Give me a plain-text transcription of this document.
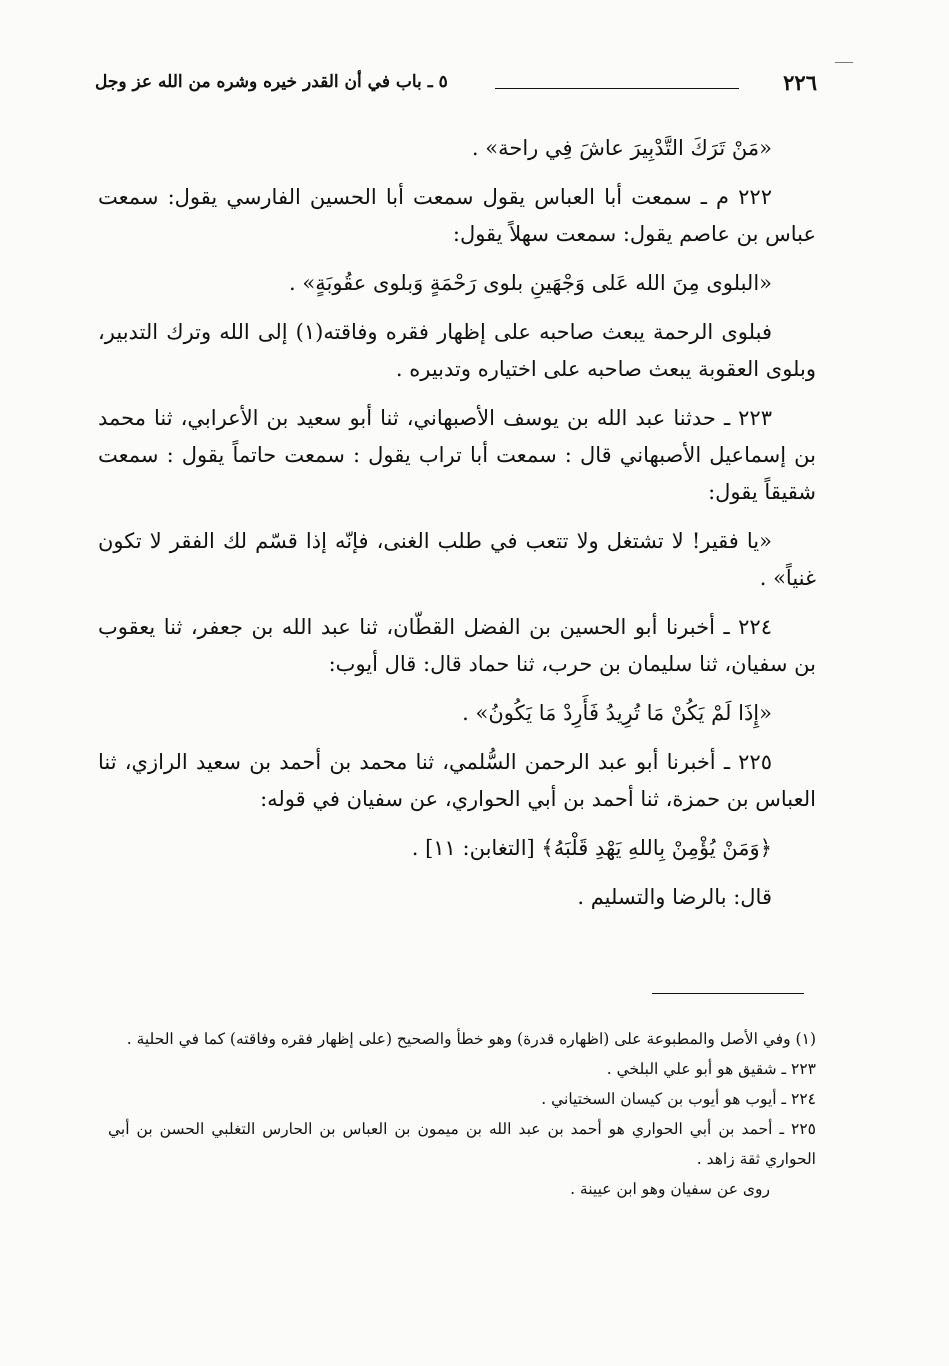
٢٢٦
٥ ـ باب في أن القدر خيره وشره من الله عز وجل

«مَنْ تَرَكَ التَّدْبِيرَ عاشَ فِي راحة» .

٢٢٢ م ـ سمعت أبا العباس يقول سمعت أبا الحسين الفارسي يقول: سمعت عباس بن عاصم يقول: سمعت سهلاً يقول:

«البلوى مِنَ الله عَلى وَجْهَينِ بلوى رَحْمَةٍ وَبلوى عقُوبَةٍ» .

فبلوى الرحمة يبعث صاحبه على إظهار فقره وفاقته(١) إلى الله وترك التدبير، وبلوى العقوبة يبعث صاحبه على اختياره وتدبيره .

٢٢٣ ـ حدثنا عبد الله بن يوسف الأصبهاني، ثنا أبو سعيد بن الأعرابي، ثنا محمد بن إسماعيل الأصبهاني قال : سمعت أبا تراب يقول : سمعت حاتماً يقول : سمعت شقيقاً يقول:

«يا فقير! لا تشتغل ولا تتعب في طلب الغنى، فإنّه إذا قسّم لك الفقر لا تكون غنياً» .

٢٢٤ ـ أخبرنا أبو الحسين بن الفضل القطّان، ثنا عبد الله بن جعفر، ثنا يعقوب بن سفيان، ثنا سليمان بن حرب، ثنا حماد قال: قال أيوب:

«إِذَا لَمْ يَكُنْ مَا تُرِيدُ فَأَرِدْ مَا يَكُونُ» .

٢٢٥ ـ أخبرنا أبو عبد الرحمن السُّلمي، ثنا محمد بن أحمد بن سعيد الرازي، ثنا العباس بن حمزة، ثنا أحمد بن أبي الحواري، عن سفيان في قوله:

﴿وَمَنْ يُؤْمِنْ بِاللهِ يَهْدِ قَلْبَهُ﴾ [التغابن: ١١] .

قال: بالرضا والتسليم .

(١) وفي الأصل والمطبوعة على (اظهاره قدرة) وهو خطأ والصحيح (على إظهار فقره وفاقته) كما في الحلية .

٢٢٣ ـ شقيق هو أبو علي البلخي .

٢٢٤ ـ أيوب هو أيوب بن كيسان السختياني .

٢٢٥ ـ أحمد بن أبي الحواري هو أحمد بن عبد الله بن ميمون بن العباس بن الحارس التغلبي الحسن بن أبي الحواري ثقة زاهد .

روى عن سفيان وهو ابن عيينة .
